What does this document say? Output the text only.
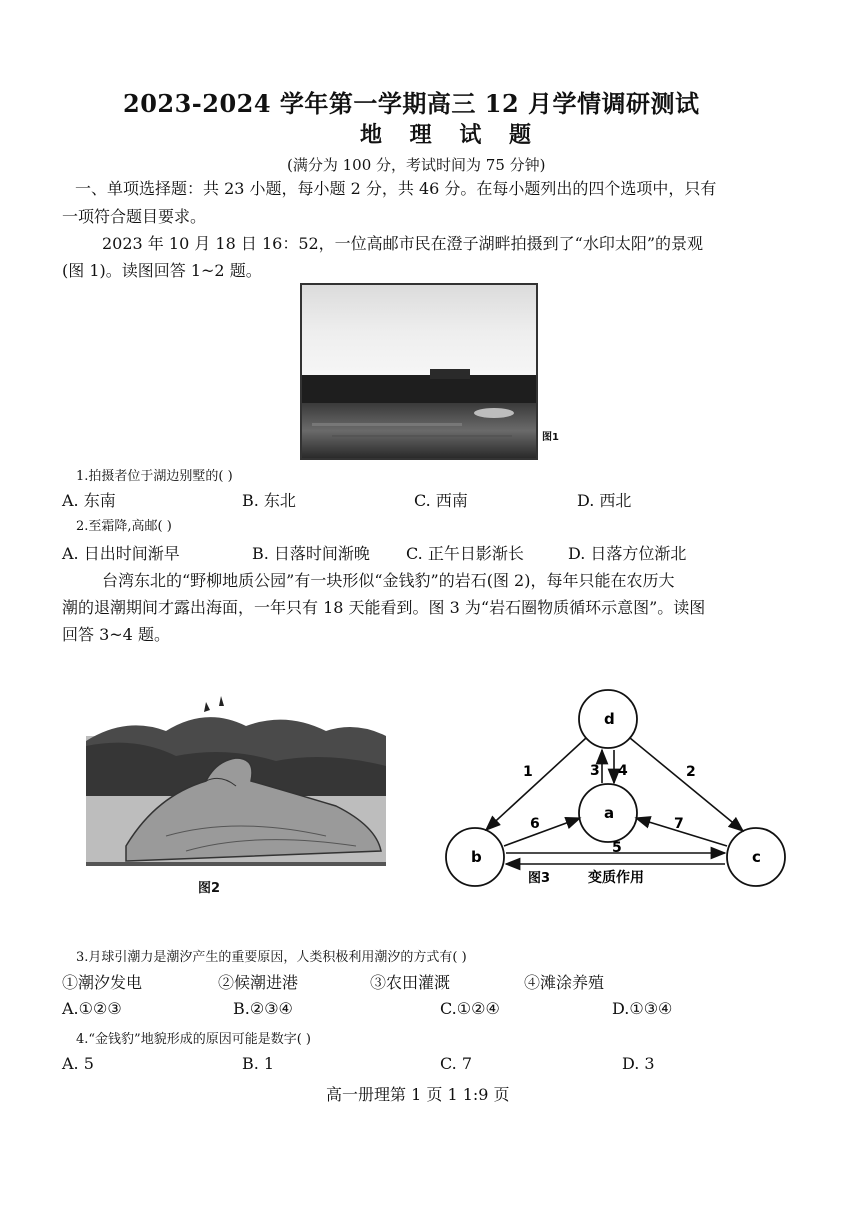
2023-2024 学年第一学期高三 12 月学情调研测试
地 理 试 题
(满分为 100 分，考试时间为 75 分钟)
一、单项选择题：共 23 小题，每小题 2 分，共 46 分。在每小题列出的四个选项中，只有
一项符合题目要求。
2023 年 10 月 18 日 16：52，一位高邮市民在澄子湖畔拍摄到了“水印太阳”的景观
(图 1)。读图回答 1~2 题。
图1
1.拍摄者位于湖边别墅的( )
A. 东南	B. 东北	C. 西南	D. 西北
2.至霜降,高邮( )
A. 日出时间渐早	B. 日落时间渐晚 C. 正午日影渐长	D. 日落方位渐北
台湾东北的“野柳地质公园”有一块形似“金钱豹”的岩石(图 2)，每年只能在农历大
潮的退潮期间才露出海面，一年只有 18 天能看到。图 3 为“岩石圈物质循环示意图”。读图
回答 3~4 题。
图2
d
a
b	c
1	2
3 4
5
6	7
变质作用
图3
3.月球引潮力是潮汐产生的重要原因，人类积极利用潮汐的方式有( )
①潮汐发电	②候潮进港	③农田灌溉	④滩涂养殖
A.①②③	B.②③④	C.①②④	D.①③④
4.“金钱豹”地貌形成的原因可能是数字( )
A. 5	B. 1	C. 7	D. 3
高一册理第 1 页 1 1:9 页
